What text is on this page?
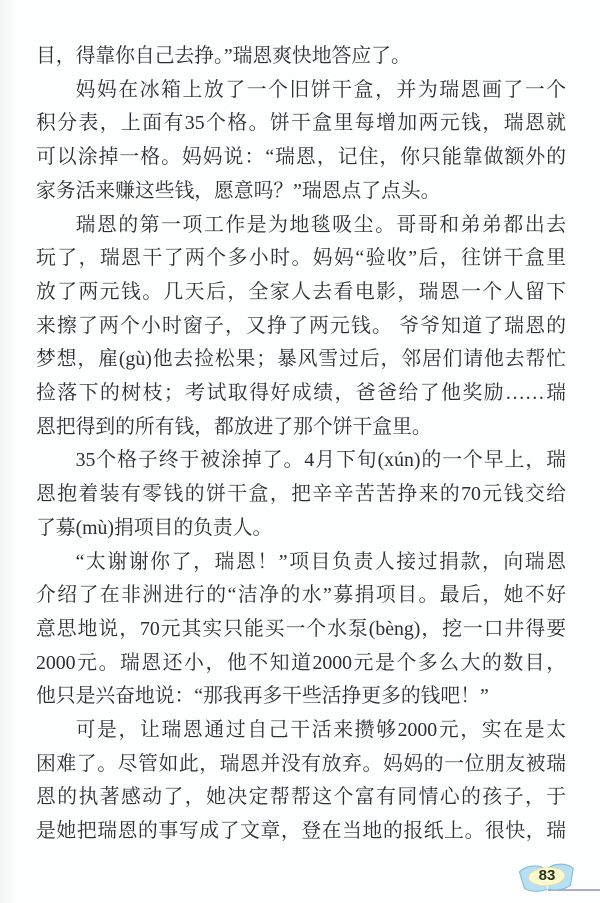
目，得靠你自己去挣。”瑞恩爽快地答应了。
妈妈在冰箱上放了一个旧饼干盒，并为瑞恩画了一个
积分表，上面有35个格。饼干盒里每增加两元钱，瑞恩就
可以涂掉一格。妈妈说：“瑞恩，记住，你只能靠做额外的
家务活来赚这些钱，愿意吗？”瑞恩点了点头。
瑞恩的第一项工作是为地毯吸尘。哥哥和弟弟都出去
玩了，瑞恩干了两个多小时。妈妈“验收”后，往饼干盒里
放了两元钱。几天后，全家人去看电影，瑞恩一个人留下
来擦了两个小时窗子，又挣了两元钱。 爷爷知道了瑞恩的
梦想，雇(gù)他去捡松果；暴风雪过后，邻居们请他去帮忙
捡落下的树枝；考试取得好成绩，爸爸给了他奖励……瑞
恩把得到的所有钱，都放进了那个饼干盒里。
35个格子终于被涂掉了。4月下旬(xún)的一个早上，瑞
恩抱着装有零钱的饼干盒，把辛辛苦苦挣来的70元钱交给
了募(mù)捐项目的负责人。
“太谢谢你了，瑞恩！”项目负责人接过捐款，向瑞恩
介绍了在非洲进行的“洁净的水”募捐项目。最后，她不好
意思地说，70元其实只能买一个水泵(bèng)，挖一口井得要
2000元。瑞恩还小，他不知道2000元是个多么大的数目，
他只是兴奋地说：“那我再多干些活挣更多的钱吧！”
可是，让瑞恩通过自己干活来攒够2000元，实在是太
困难了。尽管如此，瑞恩并没有放弃。妈妈的一位朋友被瑞
恩的执著感动了，她决定帮帮这个富有同情心的孩子，于
是她把瑞恩的事写成了文章，登在当地的报纸上。很快，瑞
83
